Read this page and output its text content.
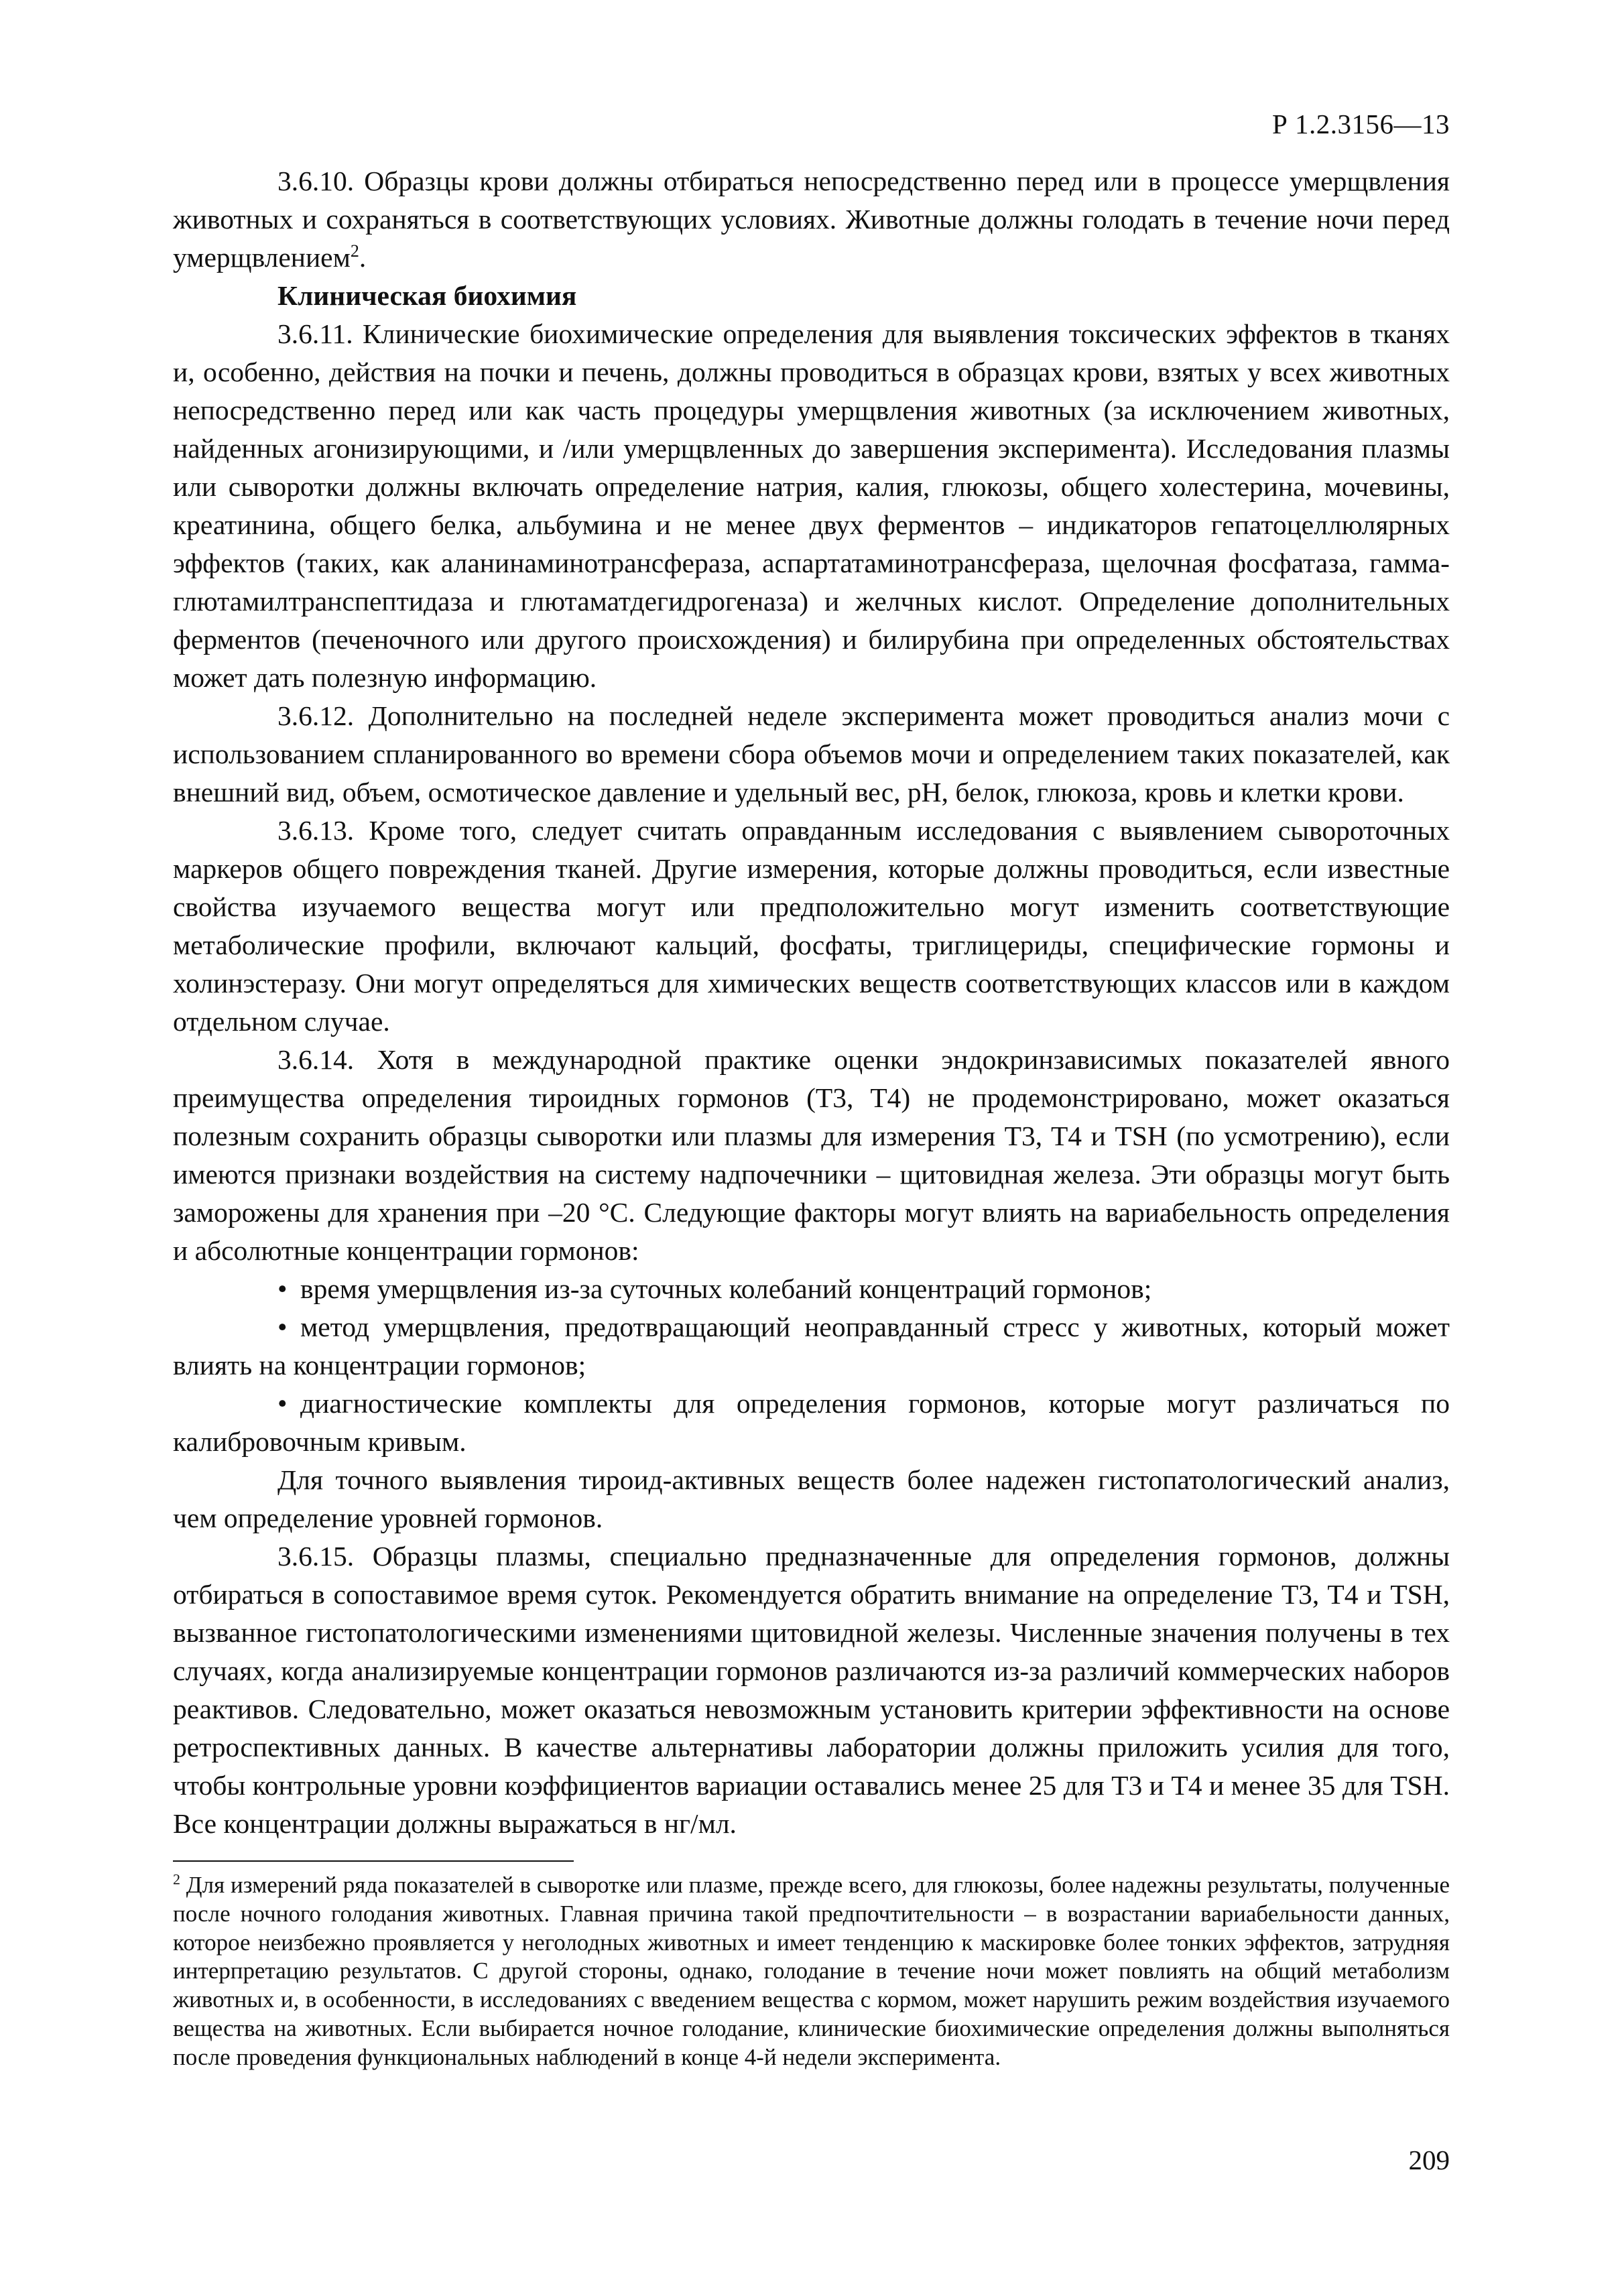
Р 1.2.3156—13

3.6.10. Образцы крови должны отбираться непосредственно перед или в процессе умерщвления животных и сохраняться в соответствующих условиях. Животные должны голодать в течение ночи перед умерщвлением$^2$.

Клиническая биохимия

3.6.11. Клинические биохимические определения для выявления токсических эффектов в тканях и, особенно, действия на почки и печень, должны проводиться в образцах крови, взятых у всех животных непосредственно перед или как часть процедуры умерщвления животных (за исключением животных, найденных агонизирующими, и /или умерщвленных до завершения эксперимента). Исследования плазмы или сыворотки должны включать определение натрия, калия, глюкозы, общего холестерина, мочевины, креатинина, общего белка, альбумина и не менее двух ферментов – индикаторов гепатоцеллюлярных эффектов (таких, как аланинаминотрансфераза, аспартатаминотрансфераза, щелочная фосфатаза, гамма-глютамилтранспептидаза и глютаматдегидрогеназа) и желчных кислот. Определение дополнительных ферментов (печеночного или другого происхождения) и билирубина при определенных обстоятельствах может дать полезную информацию.

3.6.12. Дополнительно на последней неделе эксперимента может проводиться анализ мочи с использованием спланированного во времени сбора объемов мочи и определением таких показателей, как внешний вид, объем, осмотическое давление и удельный вес, pH, белок, глюкоза, кровь и клетки крови.

3.6.13. Кроме того, следует считать оправданным исследования с выявлением сывороточных маркеров общего повреждения тканей. Другие измерения, которые должны проводиться, если известные свойства изучаемого вещества могут или предположительно могут изменить соответствующие метаболические профили, включают кальций, фосфаты, триглицериды, специфические гормоны и холинэстеразу. Они могут определяться для химических веществ соответствующих классов или в каждом отдельном случае.

3.6.14. Хотя в международной практике оценки эндокринзависимых показателей явного преимущества определения тироидных гормонов (T3, T4) не продемонстрировано, может оказаться полезным сохранить образцы сыворотки или плазмы для измерения T3, T4 и TSH (по усмотрению), если имеются признаки воздействия на систему надпочечники – щитовидная железа. Эти образцы могут быть заморожены для хранения при –20 °С. Следующие факторы могут влиять на вариабельность определения и абсолютные концентрации гормонов:

• время умерщвления из-за суточных колебаний концентраций гормонов;

• метод умерщвления, предотвращающий неоправданный стресс у животных, который может влиять на концентрации гормонов;

• диагностические комплекты для определения гормонов, которые могут различаться по калибровочным кривым.

Для точного выявления тироид-активных веществ более надежен гистопатологический анализ, чем определение уровней гормонов.

3.6.15. Образцы плазмы, специально предназначенные для определения гормонов, должны отбираться в сопоставимое время суток. Рекомендуется обратить внимание на определение T3, T4 и TSH, вызванное гистопатологическими изменениями щитовидной железы. Численные значения получены в тех случаях, когда анализируемые концентрации гормонов различаются из-за различий коммерческих наборов реактивов. Следовательно, может оказаться невозможным установить критерии эффективности на основе ретроспективных данных. В качестве альтернативы лаборатории должны приложить усилия для того, чтобы контрольные уровни коэффициентов вариации оставались менее 25 для T3 и T4 и менее 35 для TSH. Все концентрации должны выражаться в нг/мл.

$^2$ Для измерений ряда показателей в сыворотке или плазме, прежде всего, для глюкозы, более надежны результаты, полученные после ночного голодания животных. Главная причина такой предпочтительности – в возрастании вариабельности данных, которое неизбежно проявляется у неголодных животных и имеет тенденцию к маскировке более тонких эффектов, затрудняя интерпретацию результатов. С другой стороны, однако, голодание в течение ночи может повлиять на общий метаболизм животных и, в особенности, в исследованиях с введением вещества с кормом, может нарушить режим воздействия изучаемого вещества на животных. Если выбирается ночное голодание, клинические биохимические определения должны выполняться после проведения функциональных наблюдений в конце 4-й недели эксперимента.
209
